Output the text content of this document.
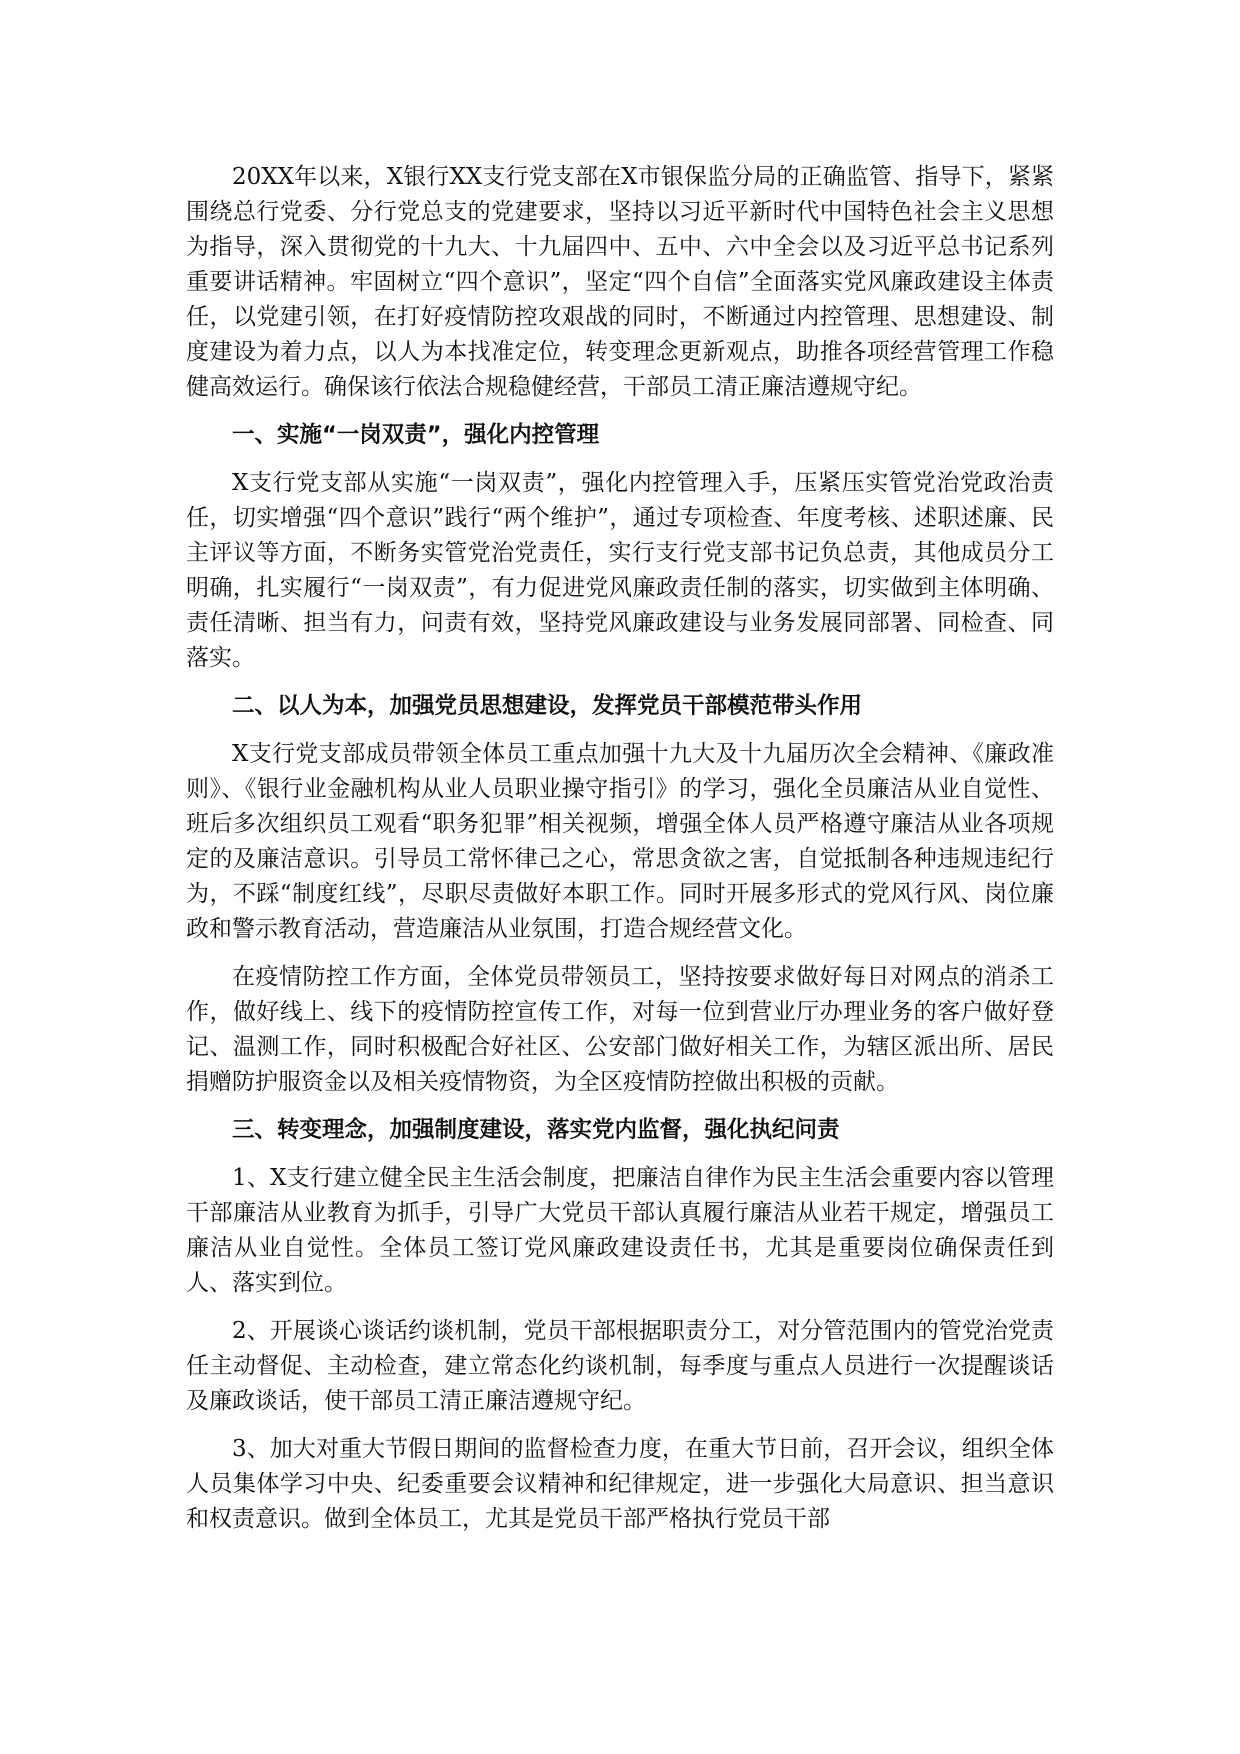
20XX年以来，X银行XX支行党支部在X市银保监分局的正确监管、指导下，紧紧围绕总行党委、分行党总支的党建要求，坚持以习近平新时代中国特色社会主义思想为指导，深入贯彻党的十九大、十九届四中、五中、六中全会以及习近平总书记系列重要讲话精神。牢固树立“四个意识”，坚定“四个自信”全面落实党风廉政建设主体责任，以党建引领，在打好疫情防控攻艰战的同时，不断通过内控管理、思想建设、制度建设为着力点，以人为本找准定位，转变理念更新观点，助推各项经营管理工作稳健高效运行。确保该行依法合规稳健经营，干部员工清正廉洁遵规守纪。

一、实施“一岗双责”，强化内控管理

X支行党支部从实施“一岗双责”，强化内控管理入手，压紧压实管党治党政治责任，切实增强“四个意识”践行“两个维护”，通过专项检查、年度考核、述职述廉、民主评议等方面，不断务实管党治党责任，实行支行党支部书记负总责，其他成员分工明确，扎实履行“一岗双责”，有力促进党风廉政责任制的落实，切实做到主体明确、责任清晰、担当有力，问责有效，坚持党风廉政建设与业务发展同部署、同检查、同落实。

二、以人为本，加强党员思想建设，发挥党员干部模范带头作用

X支行党支部成员带领全体员工重点加强十九大及十九届历次全会精神、《廉政准则》、《银行业金融机构从业人员职业操守指引》的学习，强化全员廉洁从业自觉性、班后多次组织员工观看“职务犯罪”相关视频，增强全体人员严格遵守廉洁从业各项规定的及廉洁意识。引导员工常怀律己之心，常思贪欲之害，自觉抵制各种违规违纪行为，不踩“制度红线”，尽职尽责做好本职工作。同时开展多形式的党风行风、岗位廉政和警示教育活动，营造廉洁从业氛围，打造合规经营文化。

在疫情防控工作方面，全体党员带领员工，坚持按要求做好每日对网点的消杀工作，做好线上、线下的疫情防控宣传工作，对每一位到营业厅办理业务的客户做好登记、温测工作，同时积极配合好社区、公安部门做好相关工作，为辖区派出所、居民捐赠防护服资金以及相关疫情物资，为全区疫情防控做出积极的贡献。

三、转变理念，加强制度建设，落实党内监督，强化执纪问责

1、X支行建立健全民主生活会制度，把廉洁自律作为民主生活会重要内容以管理干部廉洁从业教育为抓手，引导广大党员干部认真履行廉洁从业若干规定，增强员工廉洁从业自觉性。全体员工签订党风廉政建设责任书，尤其是重要岗位确保责任到人、落实到位。

2、开展谈心谈话约谈机制，党员干部根据职责分工，对分管范围内的管党治党责任主动督促、主动检查，建立常态化约谈机制，每季度与重点人员进行一次提醒谈话及廉政谈话，使干部员工清正廉洁遵规守纪。

3、加大对重大节假日期间的监督检查力度，在重大节日前，召开会议，组织全体人员集体学习中央、纪委重要会议精神和纪律规定，进一步强化大局意识、担当意识和权责意识。做到全体员工，尤其是党员干部严格执行党员干部
